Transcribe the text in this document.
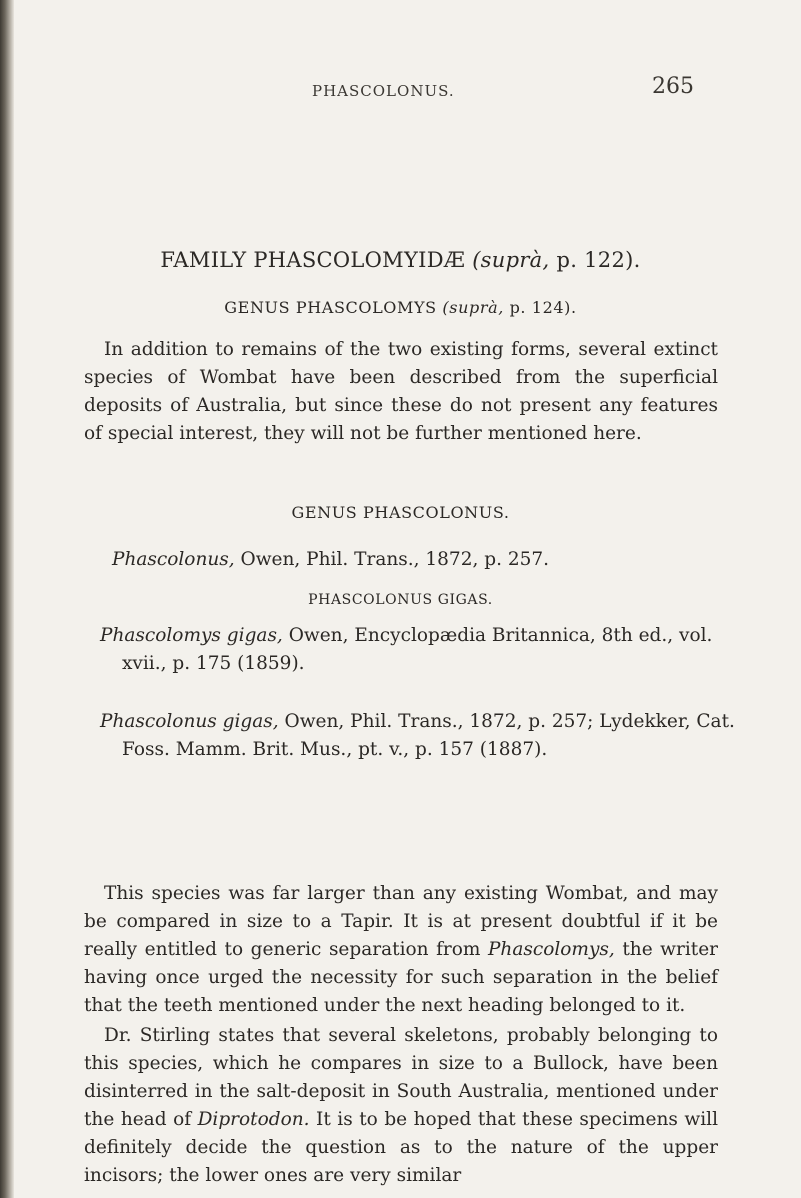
PHASCOLONUS.	265
FAMILY PHASCOLOMYIDÆ (suprà, p. 122).
GENUS PHASCOLOMYS (suprà, p. 124).

In addition to remains of the two existing forms, several extinct species of Wombat have been described from the superficial deposits of Australia, but since these do not present any features of special interest, they will not be further mentioned here.

GENUS PHASCOLONUS.
Phascolonus, Owen, Phil. Trans., 1872, p. 257.
PHASCOLONUS GIGAS.
Phascolomys gigas, Owen, Encyclopædia Britannica, 8th ed., vol. xvii., p. 175 (1859).
Phascolonus gigas, Owen, Phil. Trans., 1872, p. 257; Lydekker, Cat. Foss. Mamm. Brit. Mus., pt. v., p. 157 (1887).

This species was far larger than any existing Wombat, and may be compared in size to a Tapir. It is at present doubtful if it be really entitled to generic separation from Phascolomys, the writer having once urged the necessity for such separation in the belief that the teeth mentioned under the next heading belonged to it.

Dr. Stirling states that several skeletons, probably belonging to this species, which he compares in size to a Bullock, have been disinterred in the salt-deposit in South Australia, mentioned under the head of Diprotodon. It is to be hoped that these specimens will definitely decide the question as to the nature of the upper incisors; the lower ones are very similar
